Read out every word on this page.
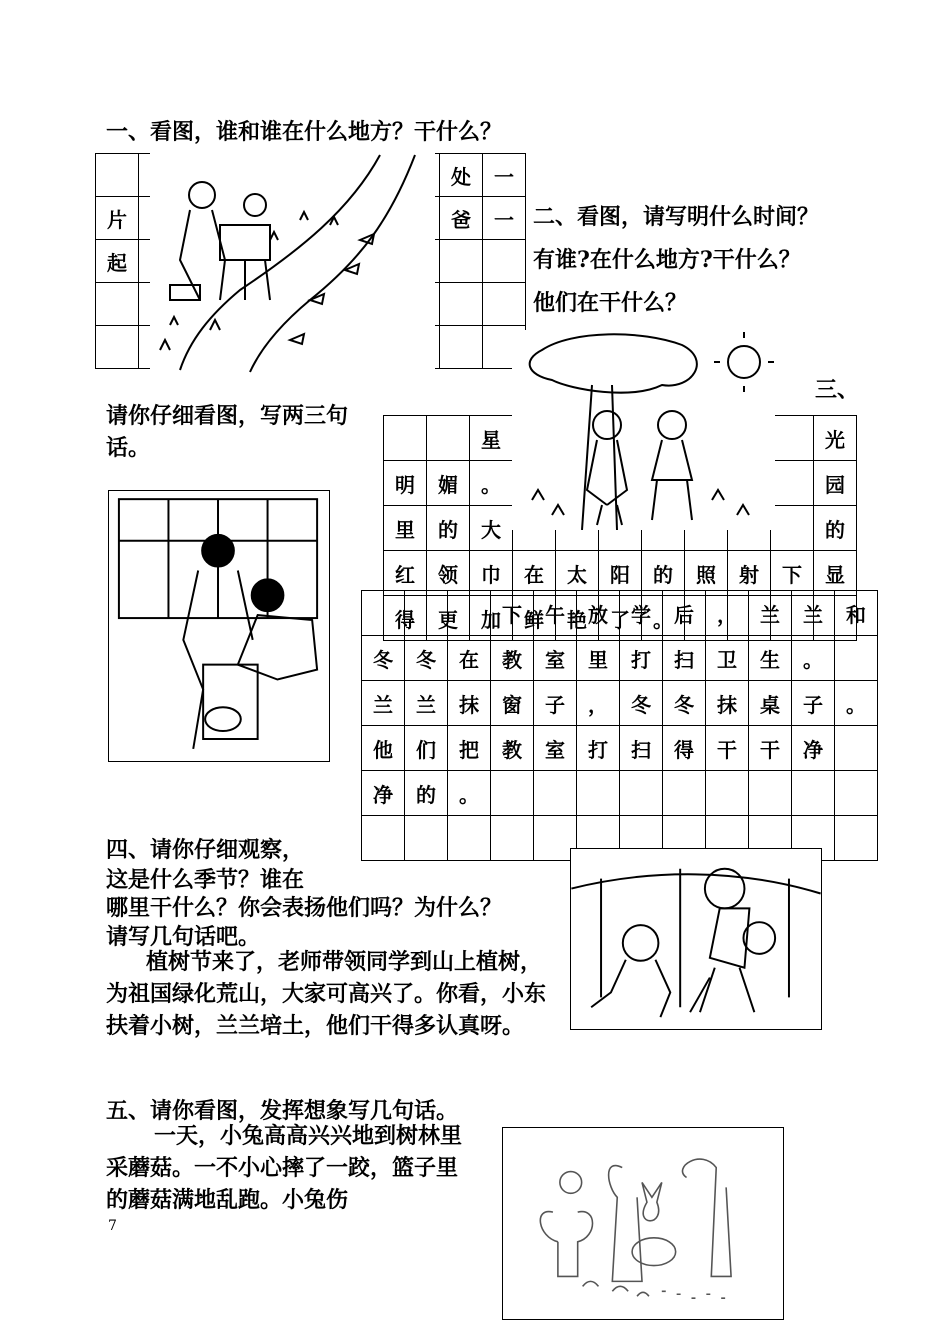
一、看图，谁和谁在什么地方？干什么？
								处	一
片								爸	一
起									

请你仔细看图，写两三句话。
二、看图，请写明什么时间？
有谁?在什么地方?干什么？
他们在干什么？
三、
		星								光
明	媚	。								园
里	的	大								的
红	领	巾	在	太	阳	的	照	射	下	显
得	更	加	鲜	艳	了	。				
			下	午	放	学	后	，	兰	兰	和
冬	冬	在	教	室	里	打	扫	卫	生	。	
兰	兰	抹	窗	子	，	冬	冬	抹	桌	子	。
他	们	把	教	室	打	扫	得	干	干	净	
净	的	。									

四、请你仔细观察，
这是什么季节？谁在
哪里干什么？你会表扬他们吗？为什么？
请写几句话吧。
植树节来了，老师带领同学到山上植树，为祖国绿化荒山，大家可高兴了。你看，小东扶着小树，兰兰培土，他们干得多认真呀。
五、请你看图，发挥想象写几句话。
一天，小兔高高兴兴地到树林里采蘑菇。一不小心摔了一跤，篮子里的蘑菇满地乱跑。小兔伤
7
